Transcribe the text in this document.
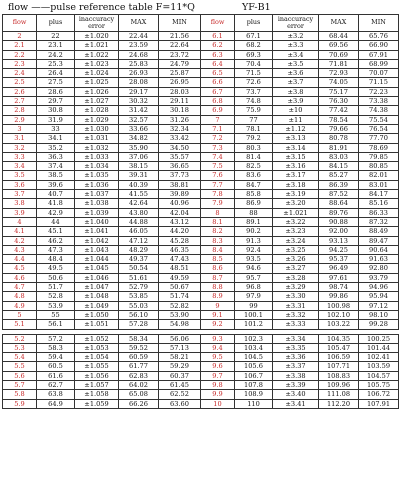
flow ——pulse reference table F=11*Q	YF-B1
flow	plus	inaccuracy error	MAX	MIN	flow	plus	inaccuracy error	MAX	MIN
2	22	±1.020	22.44	21.56	6.1	67.1	±3.2	68.44	65.76
2.1	23.1	±1.021	23.59	22.64	6.2	68.2	±3.3	69.56	66.90
2.2	24.2	±1.022	24.68	23.72	6.3	69.3	±3.4	70.69	67.91
2.3	25.3	±1.023	25.83	24.79	6.4	70.4	±3.5	71.81	68.99
2.4	26.4	±1.024	26.93	25.87	6.5	71.5	±3.6	72.93	70.07
2.5	27.5	±1.025	28.08	26.95	6.6	72.6	±3.7	74.05	71.15
2.6	28.6	±1.026	29.17	28.03	6.7	73.7	±3.8	75.17	72.23
2.7	29.7	±1.027	30.32	29.11	6.8	74.8	±3.9	76.30	73.38
2.8	30.8	±1.028	31.42	30.18	6.9	75.9	±10	77.42	74.38
2.9	31.9	±1.029	32.57	31.26	7	77	±11	78.54	75.54
3	33	±1.030	33.66	32.34	7.1	78.1	±1.12	79.66	76.54
3.1	34.1	±1.031	34.82	33.42	7.2	79.2	±3.13	80.78	77.70
3.2	35.2	±1.032	35.90	34.50	7.3	80.3	±3.14	81.91	78.69
3.3	36.3	±1.033	37.06	35.57	7.4	81.4	±3.15	83.03	79.85
3.4	37.4	±1.034	38.15	36.65	7.5	82.5	±3.16	84.15	80.85
3.5	38.5	±1.035	39.31	37.73	7.6	83.6	±3.17	85.27	82.01
3.6	39.6	±1.036	40.39	38.81	7.7	84.7	±3.18	86.39	83.01
3.7	40.7	±1.037	41.55	39.89	7.8	85.8	±3.19	87.52	84.17
3.8	41.8	±1.038	42.64	40.96	7.9	86.9	±3.20	88.64	85.16
3.9	42.9	±1.039	43.80	42.04	8	88	±1.021	89.76	86.33
4	44	±1.040	44.88	43.12	8.1	89.1	±3.22	90.88	87.32
4.1	45.1	±1.041	46.05	44.20	8.2	90.2	±3.23	92.00	88.49
4.2	46.2	±1.042	47.12	45.28	8.3	91.3	±3.24	93.13	89.47
4.3	47.3	±1.043	48.29	46.35	8.4	92.4	±3.25	94.25	90.64
4.4	48.4	±1.044	49.37	47.43	8.5	93.5	±3.26	95.37	91.63
4.5	49.5	±1.045	50.54	48.51	8.6	94.6	±3.27	96.49	92.80
4.6	50.6	±1.046	51.61	49.59	8.7	95.7	±3.28	97.61	93.79
4.7	51.7	±1.047	52.79	50.67	8.8	96.8	±3.29	98.74	94.96
4.8	52.8	±1.048	53.85	51.74	8.9	97.9	±3.30	99.86	95.94
4.9	53.9	±1.049	55.03	52.82	9	99	±3.31	100.98	97.12
5	55	±1.050	56.10	53.90	9.1	100.1	±3.32	102.10	98.10
5.1	56.1	±1.051	57.28	54.98	9.2	101.2	±3.33	103.22	99.28

5.2	57.2	±1.052	58.34	56.06	9.3	102.3	±3.34	104.35	100.25
5.3	58.3	±1.053	59.52	57.13	9.4	103.4	±3.35	105.47	101.44
5.4	59.4	±1.054	60.59	58.21	9.5	104.5	±3.36	106.59	102.41
5.5	60.5	±1.055	61.77	59.29	9.6	105.6	±3.37	107.71	103.59
5.6	61.6	±1.056	62.83	60.37	9.7	106.7	±3.38	108.83	104.57
5.7	62.7	±1.057	64.02	61.45	9.8	107.8	±3.39	109.96	105.75
5.8	63.8	±1.058	65.08	62.52	9.9	108.9	±3.40	111.08	106.72
5.9	64.9	±1.059	66.26	63.60	10	110	±3.41	112.20	107.91
